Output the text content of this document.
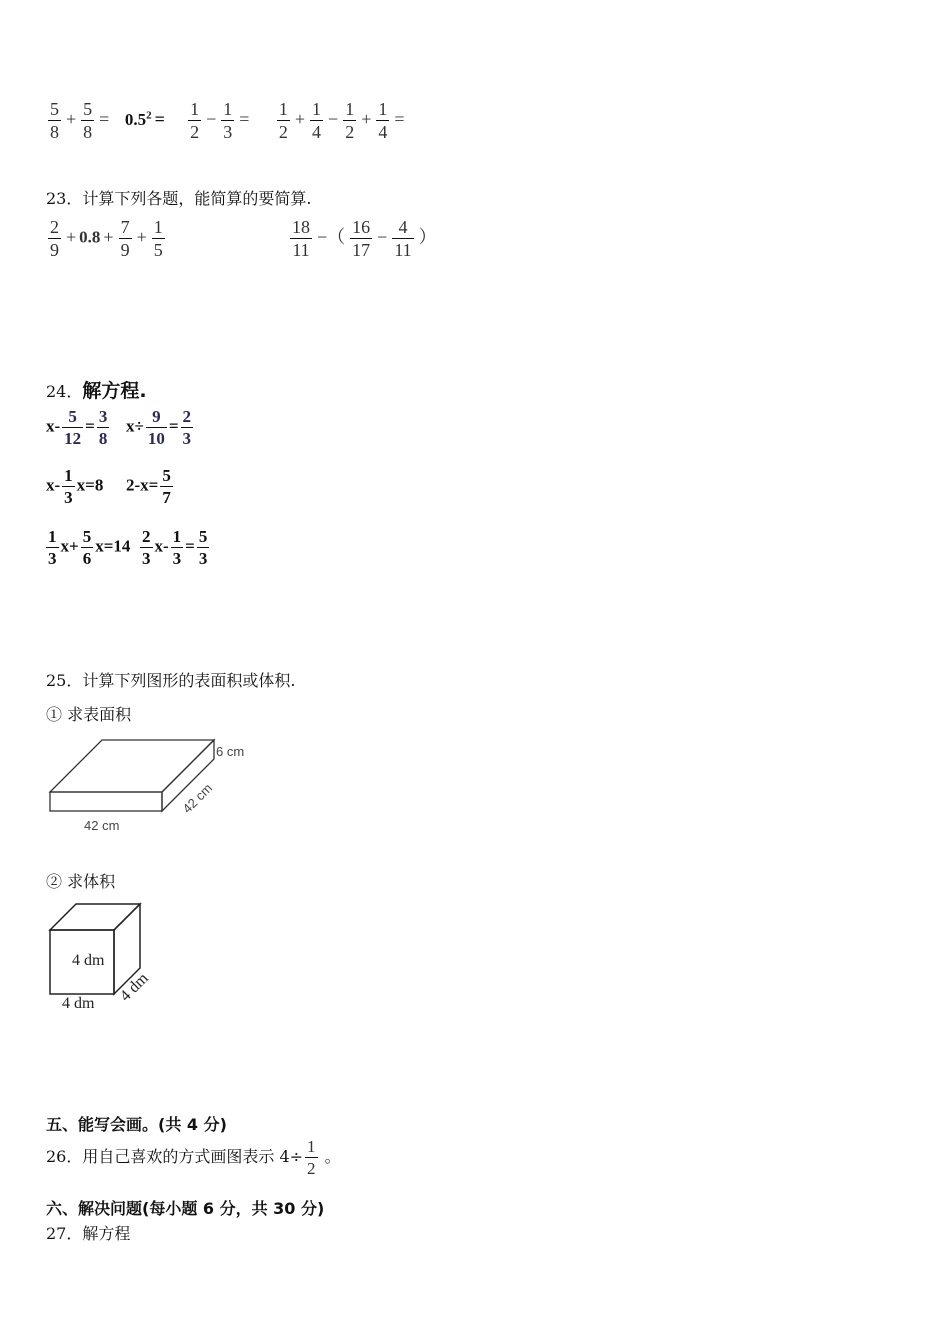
$\frac{5}{8} + \frac{5}{8} = 0.5^2 = \frac{1}{2} - \frac{1}{3} = \frac{1}{2} + \frac{1}{4} - \frac{1}{2} + \frac{1}{4}$ =
23．计算下列各题，能简算的要简算.
$\frac{2}{9} + 0.8 + \frac{7}{9} + \frac{1}{5}$	$\frac{18}{11}$ −（ $\frac{16}{17} - \frac{4}{11}$ ）
24．解方程.
$x- \frac{5}{12} = \frac{3}{8} x\div \frac{9}{10} = \frac{2}{3}$
$x- \frac{1}{3} x=8$ $2-x= \frac{5}{7}$
$\frac{1}{3} x+ \frac{5}{6} x=14 \frac{2}{3} x- \frac{1}{3} = \frac{5}{3}$
25．计算下列图形的表面积或体积.
① 求表面积
6 cm
42 cm
42 cm
② 求体积
4 dm
4 dm 4 dm
五、能写会画。(共 4 分)
26．用自己喜欢的方式画图表示 $4\div \frac{1}{2}$ 。
六、解决问题(每小题 6 分，共 30 分)
27．解方程
